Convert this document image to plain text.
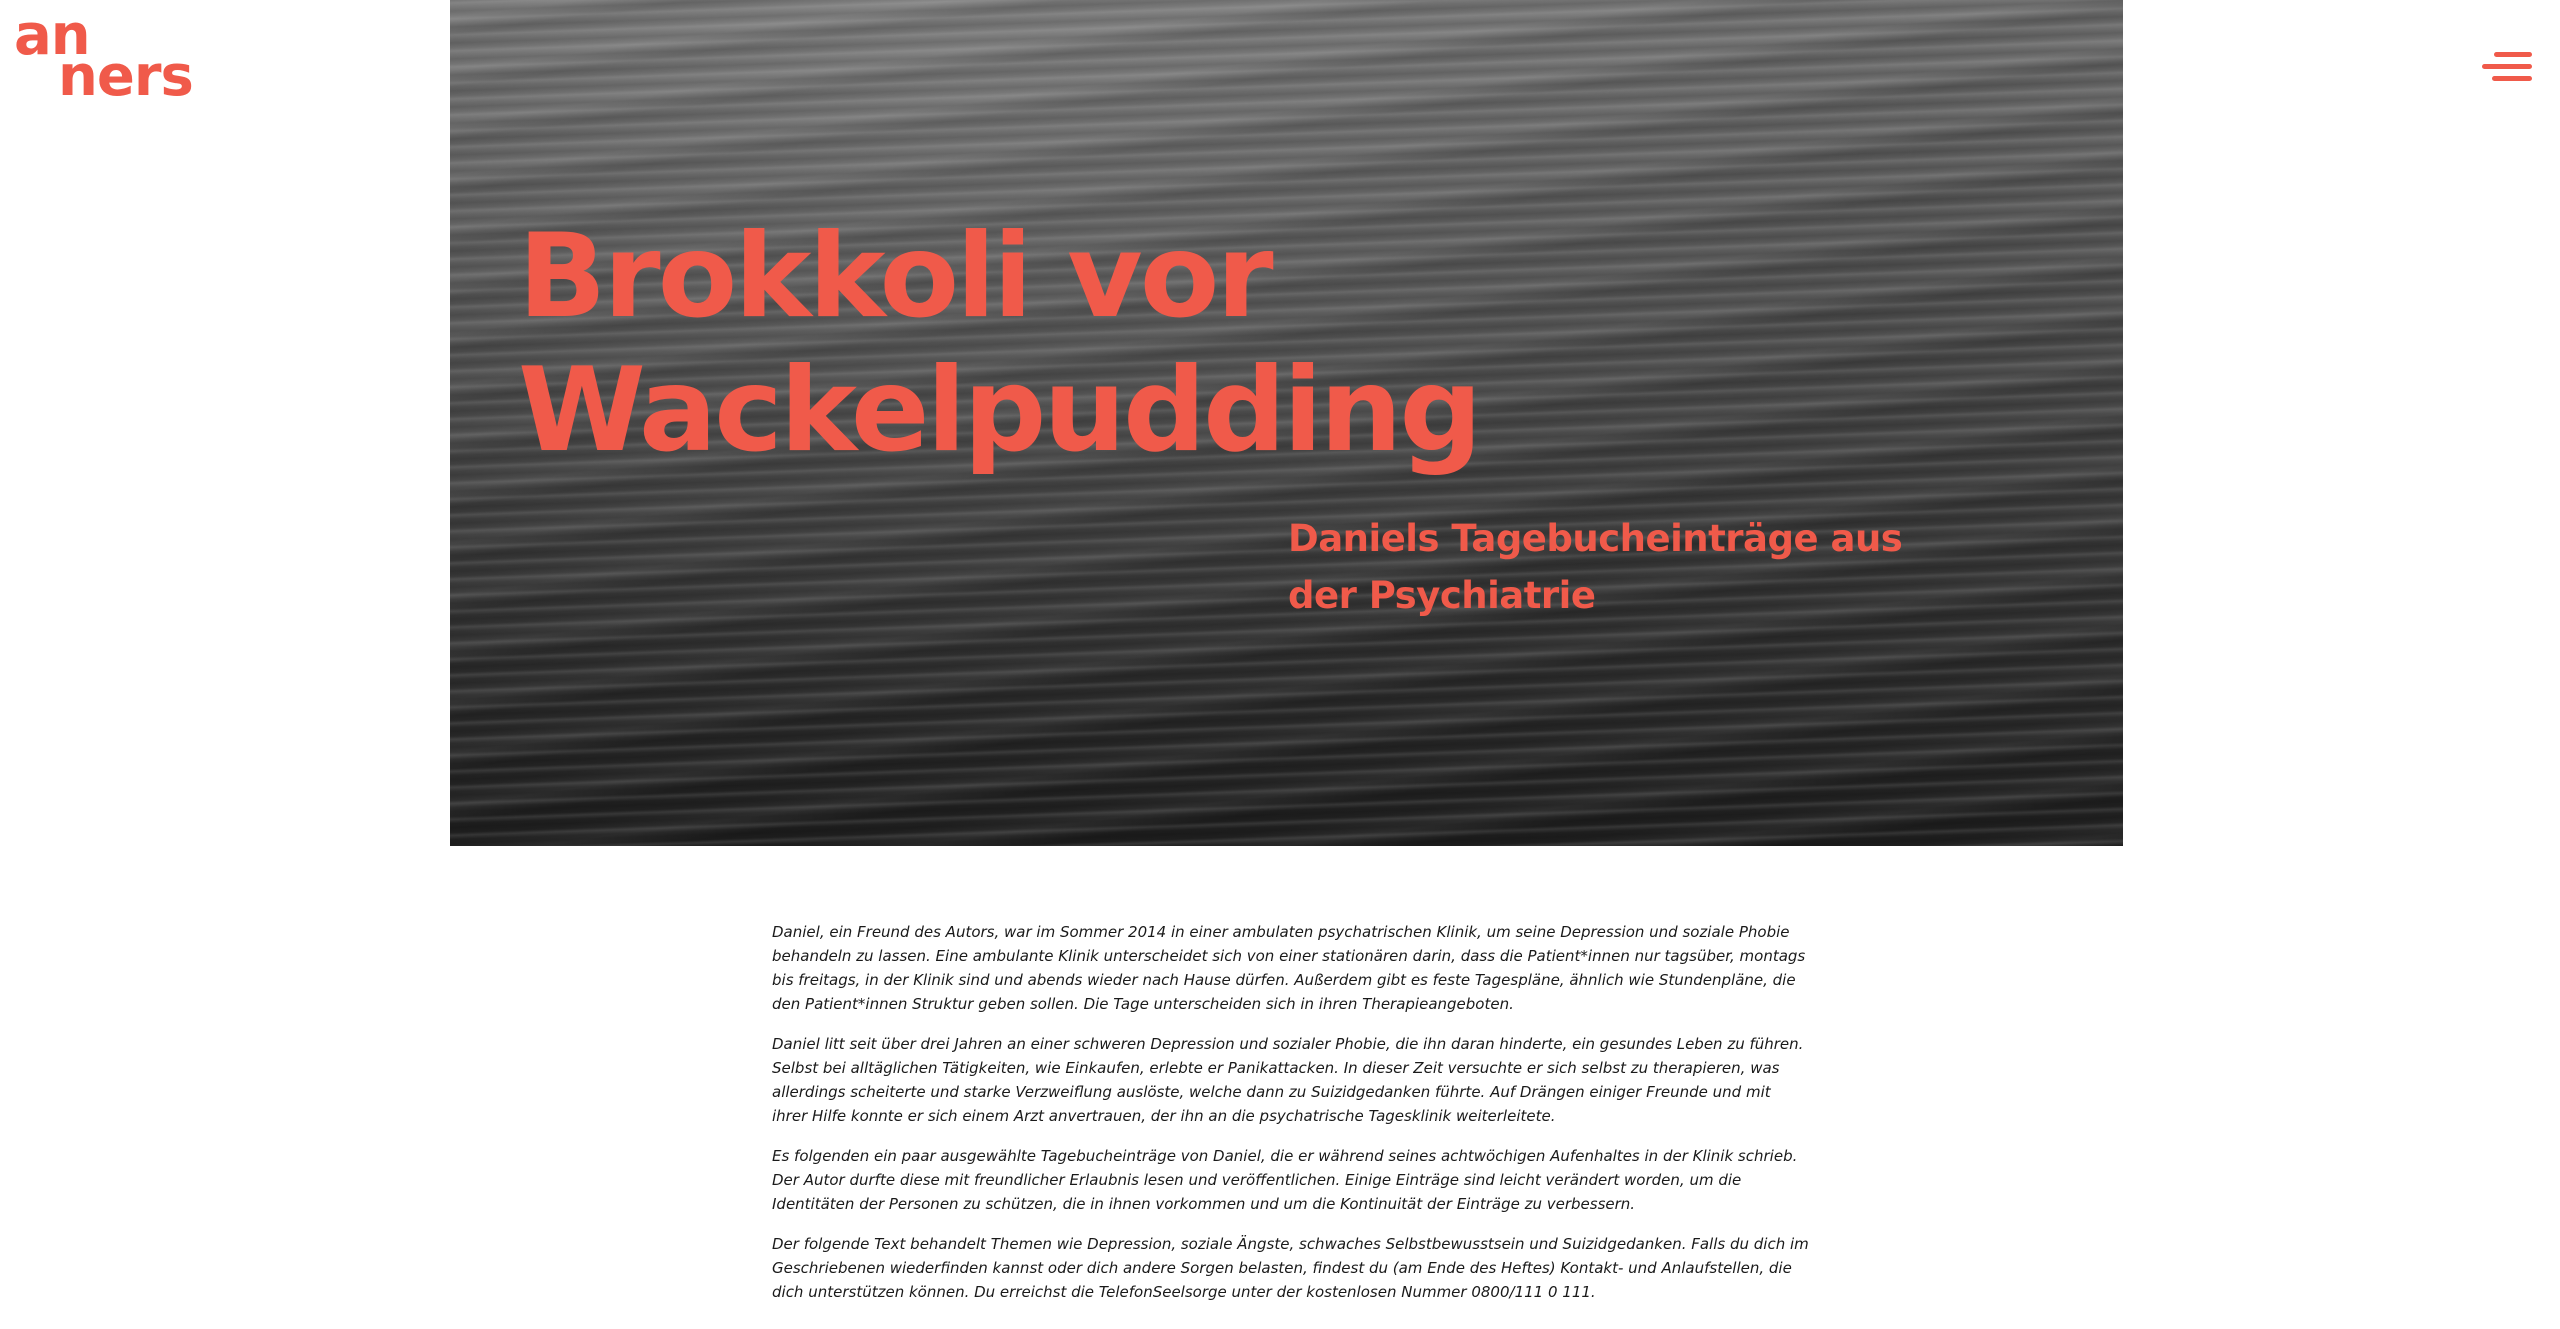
an
ners
Brokkoli vor
Wackelpudding
Daniels Tagebucheinträge aus der Psychiatrie

Daniel, ein Freund des Autors, war im Sommer 2014 in einer ambulaten psychatrischen Klinik, um seine Depression und soziale Phobie behandeln zu lassen. Eine ambulante Klinik unterscheidet sich von einer stationären darin, dass die Patient*innen nur tagsüber, montags bis freitags, in der Klinik sind und abends wieder nach Hause dürfen. Außerdem gibt es feste Tagespläne, ähnlich wie Stundenpläne, die den Patient*innen Struktur geben sollen. Die Tage unterscheiden sich in ihren Therapieangeboten.

Daniel litt seit über drei Jahren an einer schweren Depression und sozialer Phobie, die ihn daran hinderte, ein gesundes Leben zu führen. Selbst bei alltäglichen Tätigkeiten, wie Einkaufen, erlebte er Panikattacken. In dieser Zeit versuchte er sich selbst zu therapieren, was allerdings scheiterte und starke Verzweiflung auslöste, welche dann zu Suizidgedanken führte. Auf Drängen einiger Freunde und mit ihrer Hilfe konnte er sich einem Arzt anvertrauen, der ihn an die psychatrische Tagesklinik weiterleitete.

Es folgenden ein paar ausgewählte Tagebucheinträge von Daniel, die er während seines achtwöchigen Aufenhaltes in der Klinik schrieb. Der Autor durfte diese mit freundlicher Erlaubnis lesen und veröffentlichen. Einige Einträge sind leicht verändert worden, um die Identitäten der Personen zu schützen, die in ihnen vorkommen und um die Kontinuität der Einträge zu verbessern.

Der folgende Text behandelt Themen wie Depression, soziale Ängste, schwaches Selbstbewusstsein und Suizidgedanken. Falls du dich im Geschriebenen wiederfinden kannst oder dich andere Sorgen belasten, findest du (am Ende des Heftes) Kontakt- und Anlaufstellen, die dich unterstützen können. Du erreichst die TelefonSeelsorge unter der kostenlosen Nummer 0800/111 0 111.
